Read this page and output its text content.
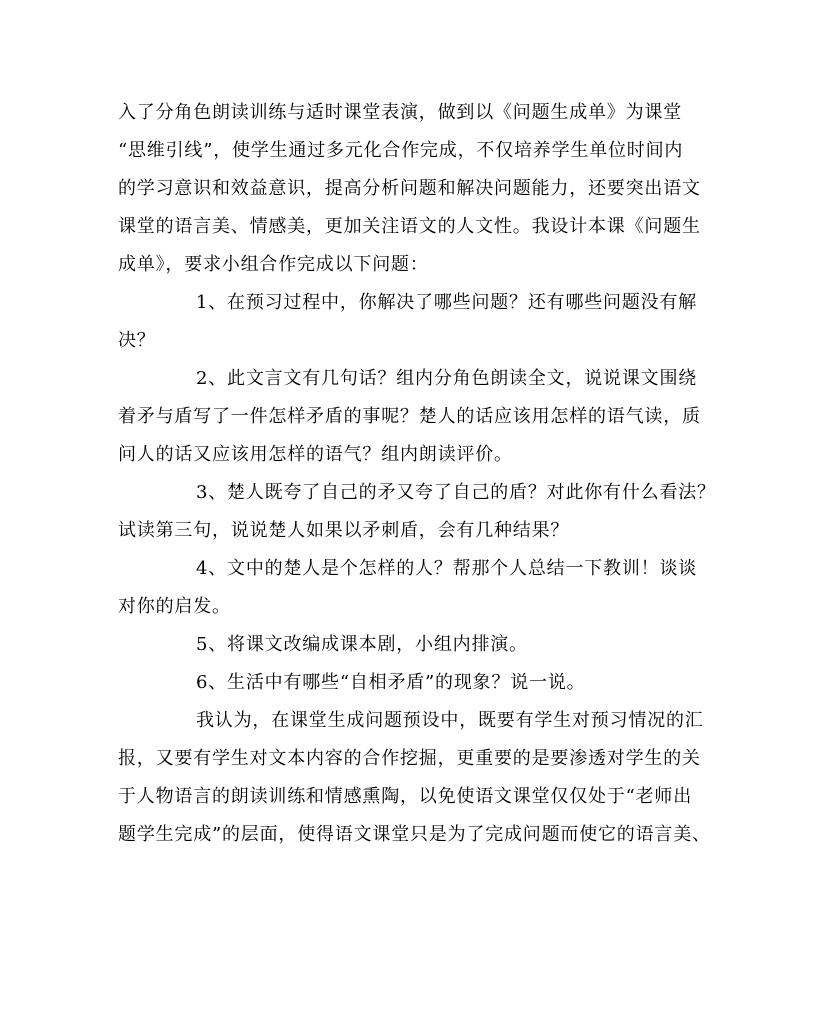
入了分角色朗读训练与适时课堂表演，做到以《问题生成单》为课堂
“思维引线”，使学生通过多元化合作完成，不仅培养学生单位时间内
的学习意识和效益意识，提高分析问题和解决问题能力，还要突出语文
课堂的语言美、情感美，更加关注语文的人文性。我设计本课《问题生
成单》，要求小组合作完成以下问题：
1、在预习过程中，你解决了哪些问题？还有哪些问题没有解
决？
2、此文言文有几句话？组内分角色朗读全文，说说课文围绕
着矛与盾写了一件怎样矛盾的事呢？楚人的话应该用怎样的语气读，质
问人的话又应该用怎样的语气？组内朗读评价。
3、楚人既夸了自己的矛又夸了自己的盾？对此你有什么看法？
试读第三句，说说楚人如果以矛刺盾，会有几种结果？
4、文中的楚人是个怎样的人？帮那个人总结一下教训！谈谈
对你的启发。
5、将课文改编成课本剧，小组内排演。
6、生活中有哪些“自相矛盾”的现象？说一说。
我认为，在课堂生成问题预设中，既要有学生对预习情况的汇
报，又要有学生对文本内容的合作挖掘，更重要的是要渗透对学生的关
于人物语言的朗读训练和情感熏陶，以免使语文课堂仅仅处于“老师出
题学生完成”的层面，使得语文课堂只是为了完成问题而使它的语言美、
